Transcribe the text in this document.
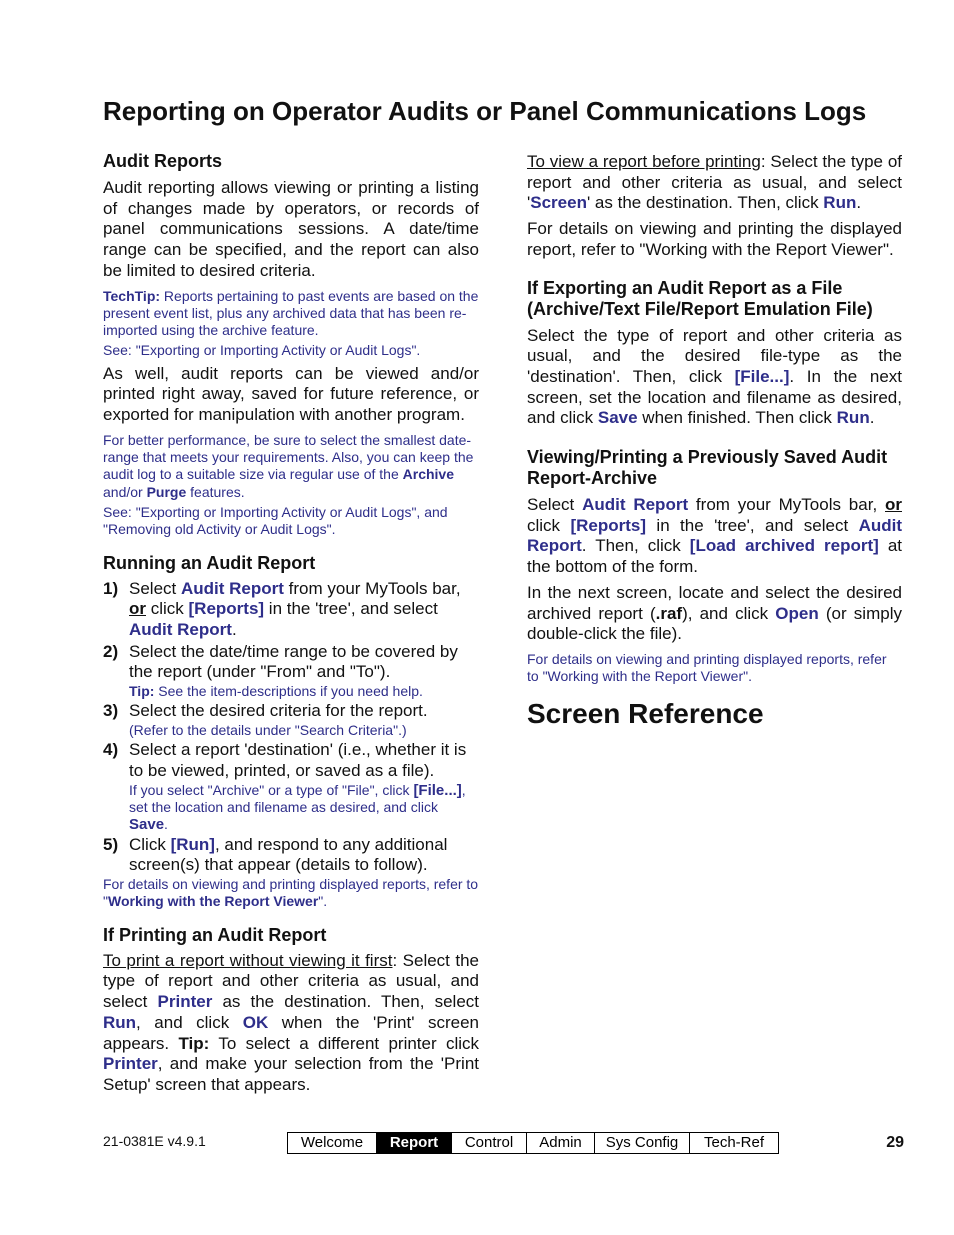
Reporting on Operator Audits or Panel Communications Logs
Audit Reports

Audit reporting allows viewing or printing a listing of changes made by operators, or records of panel communications sessions. A date/time range can be specified, and the report can also be limited to desired criteria.

TechTip: Reports pertaining to past events are based on the present event list, plus any archived data that has been re-imported using the archive feature.

See: "Exporting or Importing Activity or Audit Logs".

As well, audit reports can be viewed and/or printed right away, saved for future reference, or exported for manipulation with another program.

For better performance, be sure to select the smallest date-range that meets your requirements. Also, you can keep the audit log to a suitable size via regular use of the Archive and/or Purge features.

See: "Exporting or Importing Activity or Audit Logs", and "Removing old Activity or Audit Logs".

Running an Audit Report
1) Select Audit Report from your MyTools bar, or click [Reports] in the 'tree', and select Audit Report.
2) Select the date/time range to be covered by the report (under "From" and "To").
Tip: See the item-descriptions if you need help.
3) Select the desired criteria for the report.
(Refer to the details under "Search Criteria".)
4) Select a report 'destination' (i.e., whether it is to be viewed, printed, or saved as a file).
If you select "Archive" or a type of "File", click [File...], set the location and filename as desired, and click Save.
5) Click [Run], and respond to any additional screen(s) that appear (details to follow).

For details on viewing and printing displayed reports, refer to "Working with the Report Viewer".

If Printing an Audit Report

To print a report without viewing it first: Select the type of report and other criteria as usual, and select Printer as the destination. Then, select Run, and click OK when the 'Print' screen appears. Tip: To select a different printer click Printer, and make your selection from the 'Print Setup' screen that appears.

To view a report before printing: Select the type of report and other criteria as usual, and select 'Screen' as the destination. Then, click Run.

For details on viewing and printing the displayed report, refer to "Working with the Report Viewer".

If Exporting an Audit Report as a File (Archive/Text File/Report Emulation File)

Select the type of report and other criteria as usual, and the desired file-type as the 'destination'. Then, click [File...]. In the next screen, set the location and filename as desired, and click Save when finished. Then click Run.

Viewing/Printing a Previously Saved Audit Report-Archive

Select Audit Report from your MyTools bar, or click [Reports] in the 'tree', and select Audit Report. Then, click [Load archived report] at the bottom of the form.

In the next screen, locate and select the desired archived report (.raf), and click Open (or simply double-click the file).

For details on viewing and printing displayed reports, refer to "Working with the Report Viewer".

Screen Reference
21-0381E v4.9.1	Welcome	Report	Control	Admin	Sys Config	Tech-Ref	29
